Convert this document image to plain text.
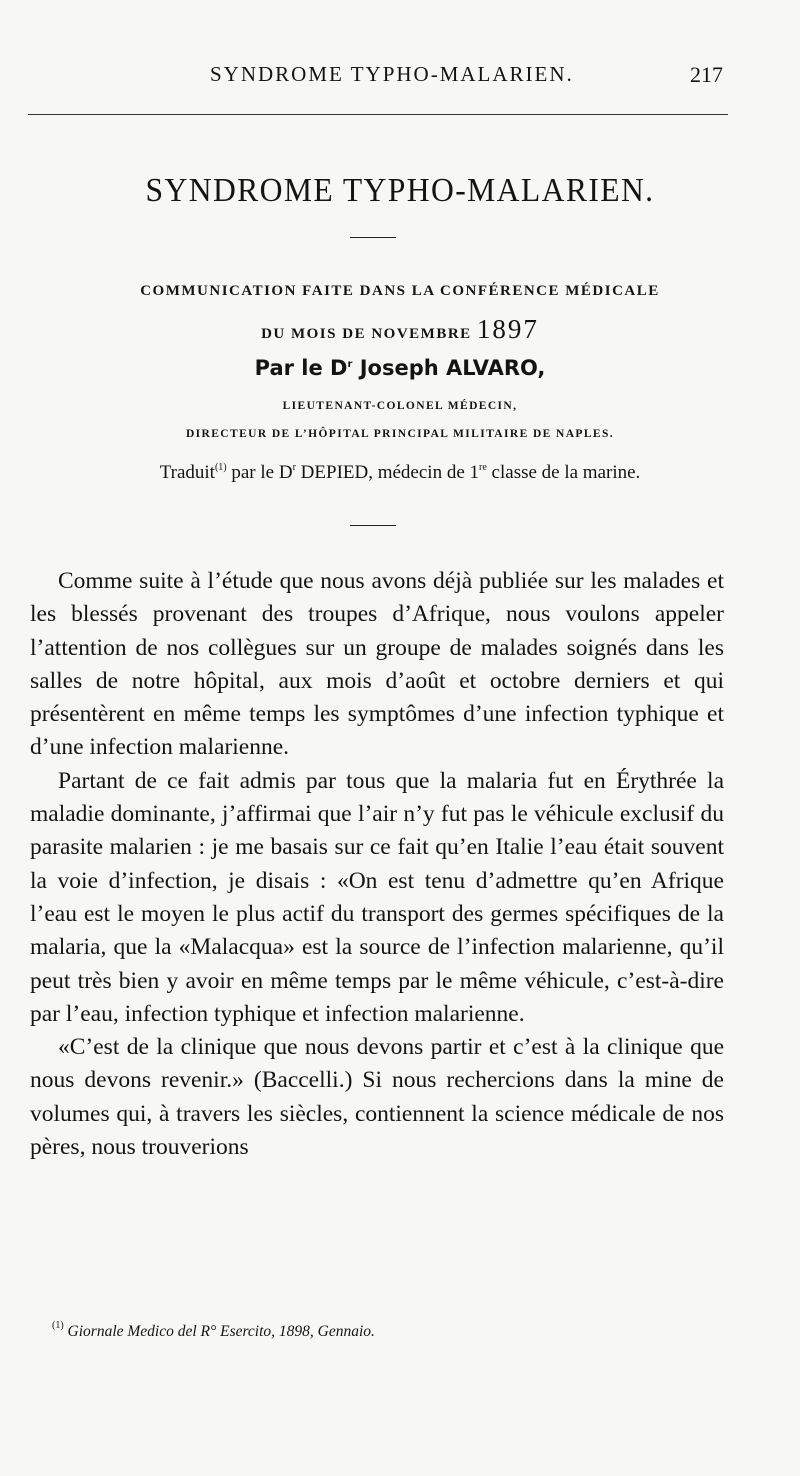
SYNDROME TYPHO-MALARIEN.	217
SYNDROME TYPHO-MALARIEN.
COMMUNICATION FAITE DANS LA CONFÉRENCE MÉDICALE
DU MOIS DE NOVEMBRE 1897
Par le $D^r$ Joseph ALVARO,
LIEUTENANT-COLONEL MÉDECIN,
DIRECTEUR DE L’HÔPITAL PRINCIPAL MILITAIRE DE NAPLES.
Traduit$^{(1)}$ par le $D^r$ DEPIED, médecin de 1re classe de la marine.

Comme suite à l’étude que nous avons déjà publiée sur les malades et les blessés provenant des troupes d’Afrique, nous voulons appeler l’attention de nos collègues sur un groupe de malades soignés dans les salles de notre hôpital, aux mois d’août et octobre derniers et qui présentèrent en même temps les symptômes d’une infection typhique et d’une infection malarienne.

Partant de ce fait admis par tous que la malaria fut en Érythrée la maladie dominante, j’affirmai que l’air n’y fut pas le véhicule exclusif du parasite malarien : je me basais sur ce fait qu’en Italie l’eau était souvent la voie d’infection, je disais : «On est tenu d’admettre qu’en Afrique l’eau est le moyen le plus actif du transport des germes spécifiques de la malaria, que la «Malacqua» est la source de l’infection malarienne, qu’il peut très bien y avoir en même temps par le même véhicule, c’est-à-dire par l’eau, infection typhique et infection malarienne.

«C’est de la clinique que nous devons partir et c’est à la clinique que nous devons revenir.» (Baccelli.) Si nous rechercions dans la mine de volumes qui, à travers les siècles, contiennent la science médicale de nos pères, nous trouverions

$^{(1)}$ Giornale Medico del R° Esercito, 1898, Gennaio.
